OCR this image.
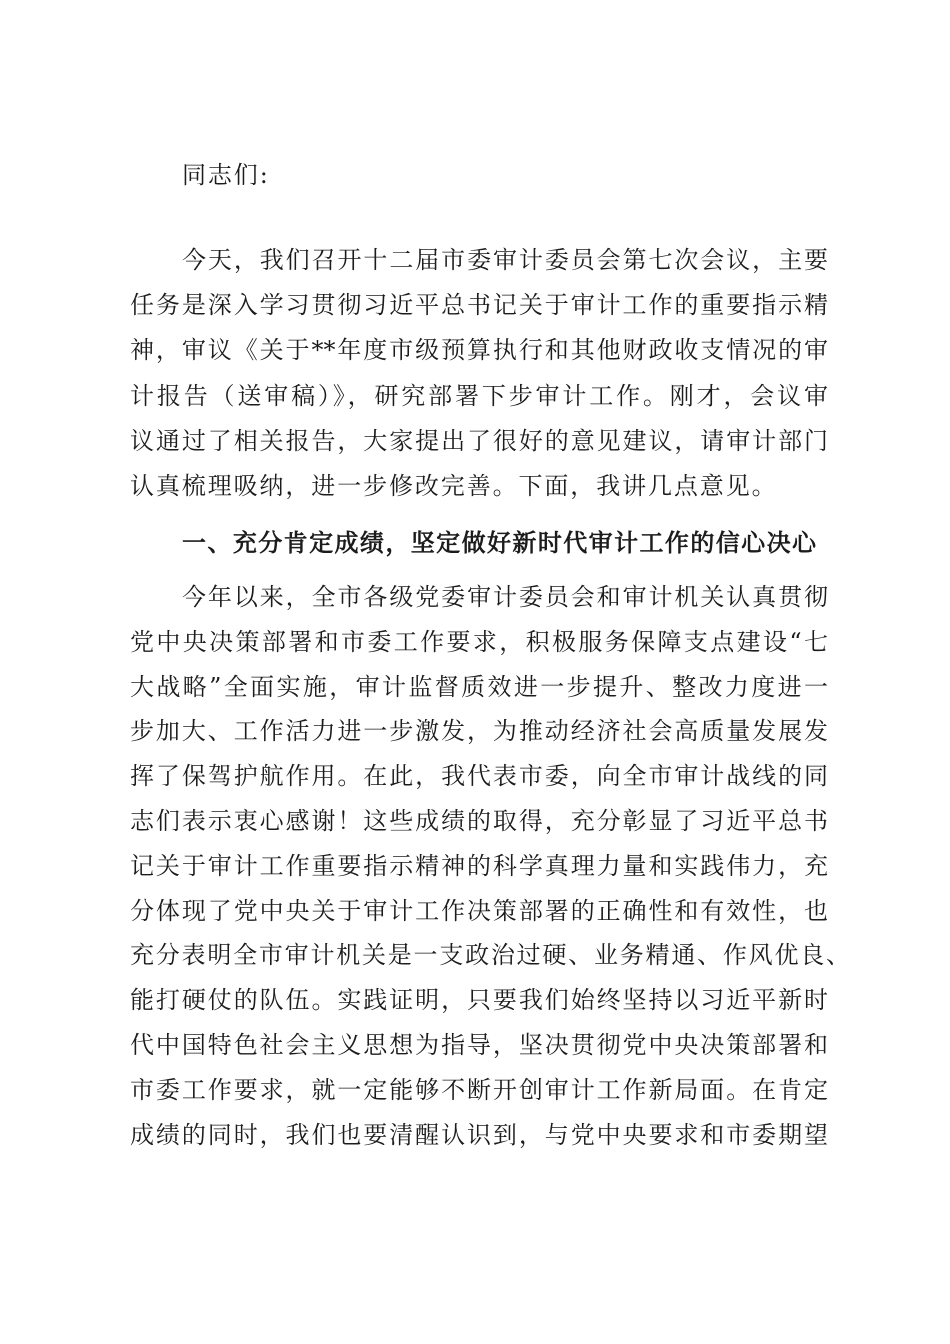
同志们:
今天，我们召开十二届市委审计委员会第七次会议，主要
任务是深入学习贯彻习近平总书记关于审计工作的重要指示精
神，审议《关于**年度市级预算执行和其他财政收支情况的审
计报告（送审稿）》，研究部署下步审计工作。刚才，会议审
议通过了相关报告，大家提出了很好的意见建议，请审计部门
认真梳理吸纳，进一步修改完善。下面，我讲几点意见。
一、充分肯定成绩，坚定做好新时代审计工作的信心决心
今年以来，全市各级党委审计委员会和审计机关认真贯彻
党中央决策部署和市委工作要求，积极服务保障支点建设“七
大战略”全面实施，审计监督质效进一步提升、整改力度进一
步加大、工作活力进一步激发，为推动经济社会高质量发展发
挥了保驾护航作用。在此，我代表市委，向全市审计战线的同
志们表示衷心感谢！这些成绩的取得，充分彰显了习近平总书
记关于审计工作重要指示精神的科学真理力量和实践伟力，充
分体现了党中央关于审计工作决策部署的正确性和有效性，也
充分表明全市审计机关是一支政治过硬、业务精通、作风优良、
能打硬仗的队伍。实践证明，只要我们始终坚持以习近平新时
代中国特色社会主义思想为指导，坚决贯彻党中央决策部署和
市委工作要求，就一定能够不断开创审计工作新局面。在肯定
成绩的同时，我们也要清醒认识到，与党中央要求和市委期望
